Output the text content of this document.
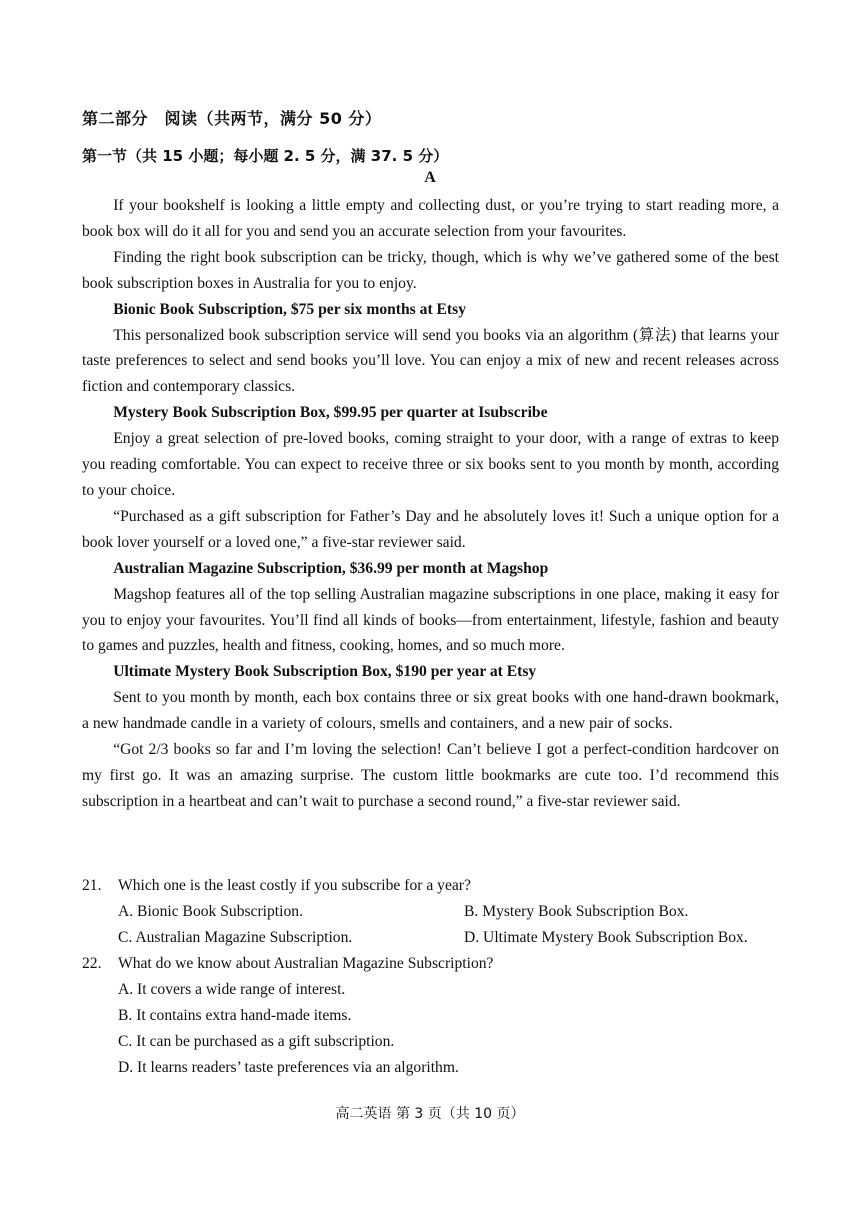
第二部分　阅读（共两节，满分 50 分）
第一节（共 15 小题；每小题 2. 5 分，满 37. 5 分）
A

If your bookshelf is looking a little empty and collecting dust, or you’re trying to start reading more, a book box will do it all for you and send you an accurate selection from your favourites.

Finding the right book subscription can be tricky, though, which is why we’ve gathered some of the best book subscription boxes in Australia for you to enjoy.

Bionic Book Subscription, $75 per six months at Etsy

This personalized book subscription service will send you books via an algorithm (算法) that learns your taste preferences to select and send books you’ll love. You can enjoy a mix of new and recent releases across fiction and contemporary classics.

Mystery Book Subscription Box, $99.95 per quarter at Isubscribe

Enjoy a great selection of pre-loved books, coming straight to your door, with a range of extras to keep you reading comfortable. You can expect to receive three or six books sent to you month by month, according to your choice.

“Purchased as a gift subscription for Father’s Day and he absolutely loves it! Such a unique option for a book lover yourself or a loved one,” a five-star reviewer said.

Australian Magazine Subscription, $36.99 per month at Magshop

Magshop features all of the top selling Australian magazine subscriptions in one place, making it easy for you to enjoy your favourites. You’ll find all kinds of books—from entertainment, lifestyle, fashion and beauty to games and puzzles, health and fitness, cooking, homes, and so much more.

Ultimate Mystery Book Subscription Box, $190 per year at Etsy

Sent to you month by month, each box contains three or six great books with one hand-drawn bookmark, a new handmade candle in a variety of colours, smells and containers, and a new pair of socks.

“Got 2/3 books so far and I’m loving the selection! Can’t believe I got a perfect-condition hardcover on my first go. It was an amazing surprise. The custom little bookmarks are cute too. I’d recommend this subscription in a heartbeat and can’t wait to purchase a second round,” a five-star reviewer said.

21.	Which one is the least costly if you subscribe for a year?
A. Bionic Book Subscription.	B. Mystery Book Subscription Box.
C. Australian Magazine Subscription.	D. Ultimate Mystery Book Subscription Box.
22.	What do we know about Australian Magazine Subscription?
A. It covers a wide range of interest.
B. It contains extra hand-made items.
C. It can be purchased as a gift subscription.
D. It learns readers’ taste preferences via an algorithm.
高二英语 第 3 页（共 10 页）
